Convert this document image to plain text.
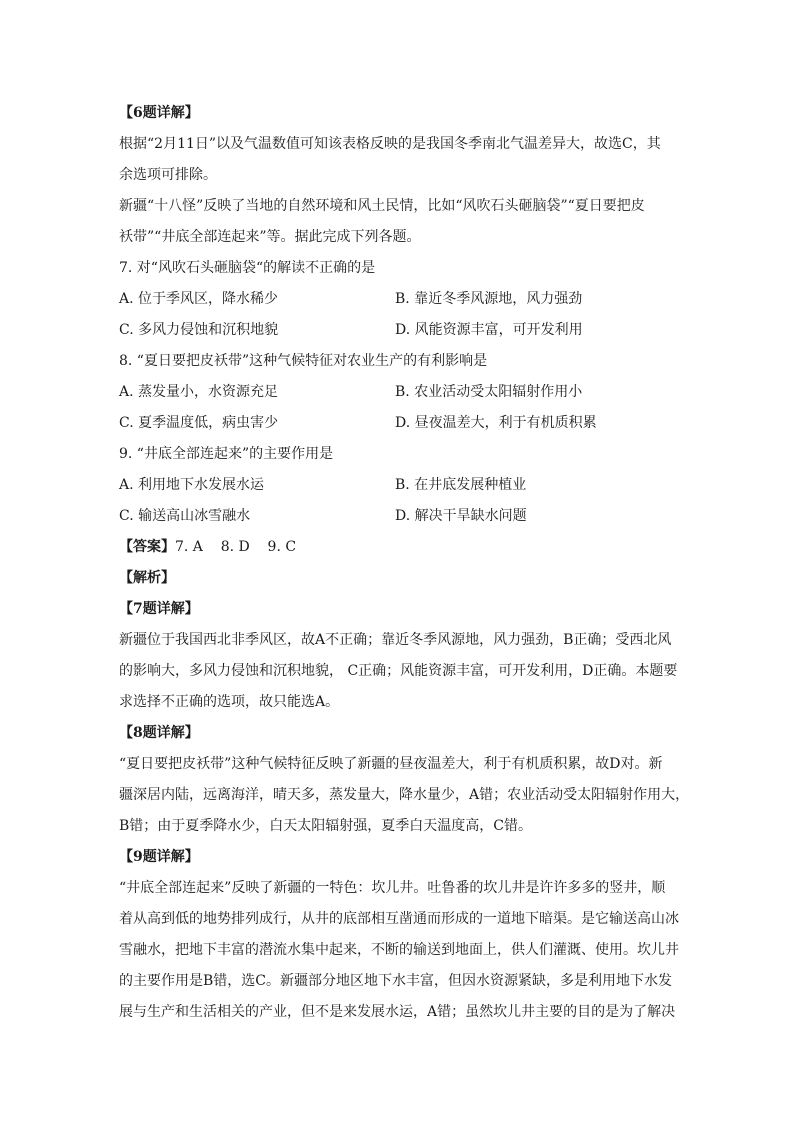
【6题详解】
根据“2月11日”以及气温数值可知该表格反映的是我国冬季南北气温差异大，故选C，其
余选项可排除。
新疆“十八怪”反映了当地的自然环境和风土民情，比如“风吹石头砸脑袋”“夏日要把皮
袄带”“井底全部连起来”等。据此完成下列各题。
7. 对“风吹石头砸脑袋“的解读不正确的是
A. 位于季风区，降水稀少	B. 靠近冬季风源地，风力强劲
C. 多风力侵蚀和沉积地貌	D. 风能资源丰富，可开发利用
8. “夏日要把皮袄带”这种气候特征对农业生产的有利影响是
A. 蒸发量小，水资源充足	B. 农业活动受太阳辐射作用小
C. 夏季温度低，病虫害少	D. 昼夜温差大，利于有机质积累
9. “井底全部连起来”的主要作用是
A. 利用地下水发展水运	B. 在井底发展种植业
C. 输送高山冰雪融水	D. 解决干旱缺水问题
【答案】7. A    8. D    9. C
【解析】
【7题详解】
新疆位于我国西北非季风区，故A不正确；靠近冬季风源地，风力强劲，B正确；受西北风
的影响大，多风力侵蚀和沉积地貌， C正确；风能资源丰富，可开发利用，D正确。本题要
求选择不正确的选项，故只能选A。
【8题详解】
“夏日要把皮袄带”这种气候特征反映了新疆的昼夜温差大，利于有机质积累，故D对。新
疆深居内陆，远离海洋，晴天多，蒸发量大，降水量少，A错；农业活动受太阳辐射作用大，
B错；由于夏季降水少，白天太阳辐射强，夏季白天温度高，C错。
【9题详解】
“井底全部连起来”反映了新疆的一特色：坎儿井。吐鲁番的坎儿井是许许多多的竖井，顺
着从高到低的地势排列成行，从井的底部相互凿通而形成的一道地下暗渠。是它输送高山冰
雪融水，把地下丰富的潜流水集中起来，不断的输送到地面上，供人们灌溉、使用。坎儿井
的主要作用是B错，选C。新疆部分地区地下水丰富，但因水资源紧缺，多是利用地下水发
展与生产和生活相关的产业，但不是来发展水运，A错；虽然坎儿井主要的目的是为了解决
